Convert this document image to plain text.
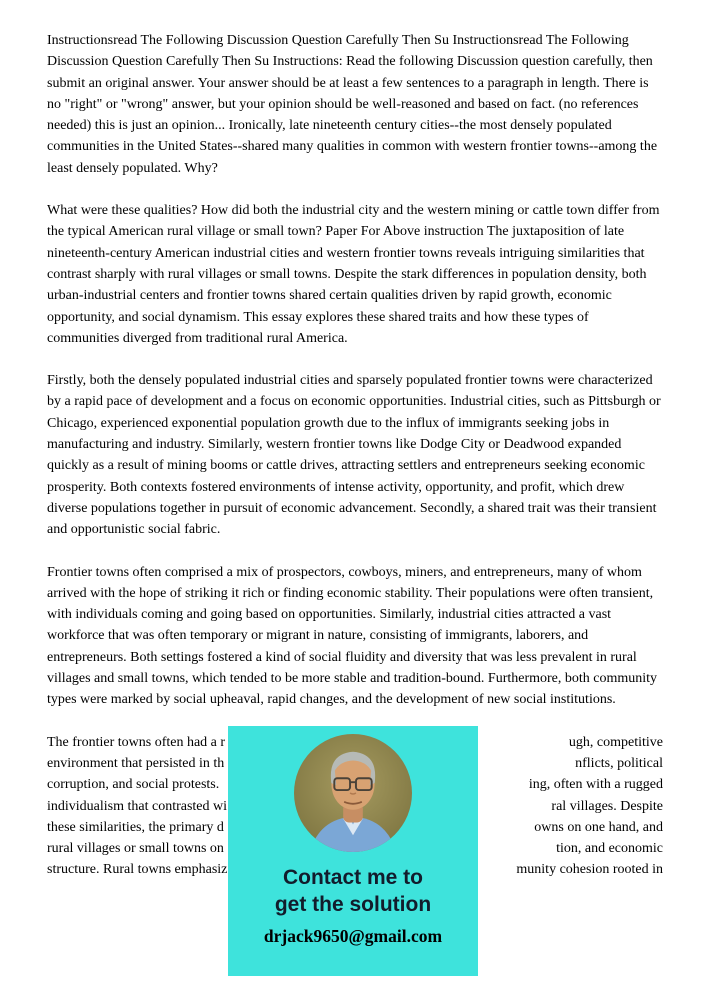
Instructionsread The Following Discussion Question Carefully Then Su Instructionsread The Following Discussion Question Carefully Then Su Instructions: Read the following Discussion question carefully, then submit an original answer. Your answer should be at least a few sentences to a paragraph in length. There is no "right" or "wrong" answer, but your opinion should be well-reasoned and based on fact. (no references needed) this is just an opinion... Ironically, late nineteenth century cities--the most densely populated communities in the United States--shared many qualities in common with western frontier towns--among the least densely populated. Why?

What were these qualities? How did both the industrial city and the western mining or cattle town differ from the typical American rural village or small town? Paper For Above instruction The juxtaposition of late nineteenth-century American industrial cities and western frontier towns reveals intriguing similarities that contrast sharply with rural villages or small towns. Despite the stark differences in population density, both urban-industrial centers and frontier towns shared certain qualities driven by rapid growth, economic opportunity, and social dynamism. This essay explores these shared traits and how these types of communities diverged from traditional rural America.

Firstly, both the densely populated industrial cities and sparsely populated frontier towns were characterized by a rapid pace of development and a focus on economic opportunities. Industrial cities, such as Pittsburgh or Chicago, experienced exponential population growth due to the influx of immigrants seeking jobs in manufacturing and industry. Similarly, western frontier towns like Dodge City or Deadwood expanded quickly as a result of mining booms or cattle drives, attracting settlers and entrepreneurs seeking economic prosperity. Both contexts fostered environments of intense activity, opportunity, and profit, which drew diverse populations together in pursuit of economic advancement. Secondly, a shared trait was their transient and opportunistic social fabric.

Frontier towns often comprised a mix of prospectors, cowboys, miners, and entrepreneurs, many of whom arrived with the hope of striking it rich or finding economic stability. Their populations were often transient, with individuals coming and going based on opportunities. Similarly, industrial cities attracted a vast workforce that was often temporary or migrant in nature, consisting of immigrants, laborers, and entrepreneurs. Both settings fostered a kind of social fluidity and diversity that was less prevalent in rural villages and small towns, which tended to be more stable and tradition-bound. Furthermore, both community types were marked by social upheaval, rapid changes, and the development of new social institutions.

The frontier towns often had a r	ugh, competitive
environment that persisted in th	nflicts, political
corruption, and social protests.	ing, often with a rugged
individualism that contrasted wi	ral villages. Despite
these similarities, the primary d	owns on one hand, and
rural villages or small towns on	tion, and economic
structure. Rural towns emphasiz	munity cohesion rooted in
Contact me to
get the solution
drjack9650@gmail.com
